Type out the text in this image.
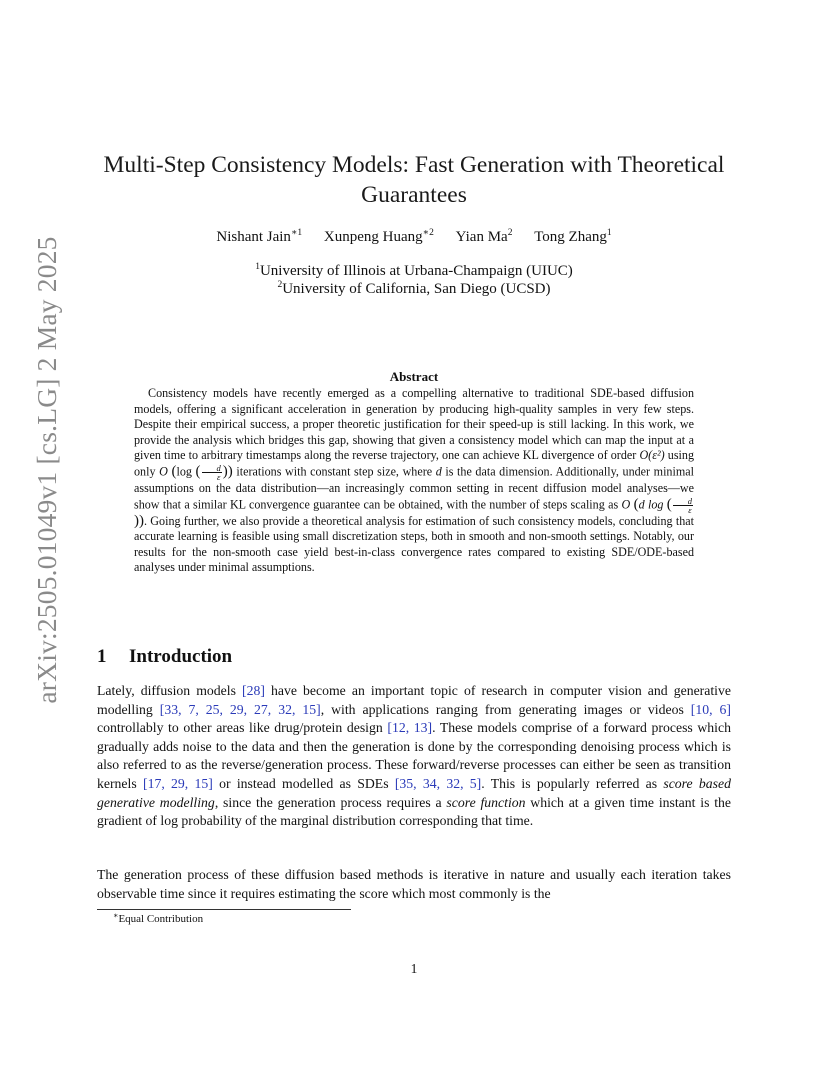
arXiv:2505.01049v1 [cs.LG] 2 May 2025
Multi-Step Consistency Models: Fast Generation with Theoretical Guarantees
Nishant Jain$^{∗1}$ Xunpeng Huang$^{∗2}$ Yian Ma$^2$ Tong Zhang$^1$
$^1$University of Illinois at Urbana-Champaign (UIUC)
$^2$University of California, San Diego (UCSD)
Abstract
Consistency models have recently emerged as a compelling alternative to traditional SDE-based diffusion models, offering a significant acceleration in generation by producing high-quality samples in very few steps. Despite their empirical success, a proper theoretic justification for their speed-up is still lacking. In this work, we provide the analysis which bridges this gap, showing that given a consistency model which can map the input at a given time to arbitrary timestamps along the reverse trajectory, one can achieve KL divergence of order O(ε²) using only O (log ( $\frac{d}{\varepsilon}$ )) iterations with constant step size, where d is the data dimension. Additionally, under minimal assumptions on the data distribution—an increasingly common setting in recent diffusion model analyses—we show that a similar KL convergence guarantee can be obtained, with the number of steps scaling as O (d log ( $\frac{d}{\varepsilon}$
)). Going further, we also provide a theoretical analysis for estimation of such consistency models, concluding that accurate learning is feasible using small discretization steps, both in smooth and non-smooth settings. Notably, our results for the non-smooth case yield best-in-class convergence rates compared to existing SDE/ODE-based analyses under minimal assumptions.
1 Introduction

Lately, diffusion models [28] have become an important topic of research in computer vision and generative modelling [33, 7, 25, 29, 27, 32, 15], with applications ranging from generating images or videos [10, 6] controllably to other areas like drug/protein design [12, 13]. These models comprise of a forward process which gradually adds noise to the data and then the generation is done by the corresponding denoising process which is also referred to as the reverse/generation process. These forward/reverse processes can either be seen as transition kernels [17, 29, 15] or instead modelled as SDEs [35, 34, 32, 5]. This is popularly referred as score based generative modelling, since the generation process requires a score function which at a given time instant is the gradient of log probability of the marginal distribution corresponding that time.

The generation process of these diffusion based methods is iterative in nature and usually each iteration takes observable time since it requires estimating the score which most commonly is the

∗Equal Contribution
1
